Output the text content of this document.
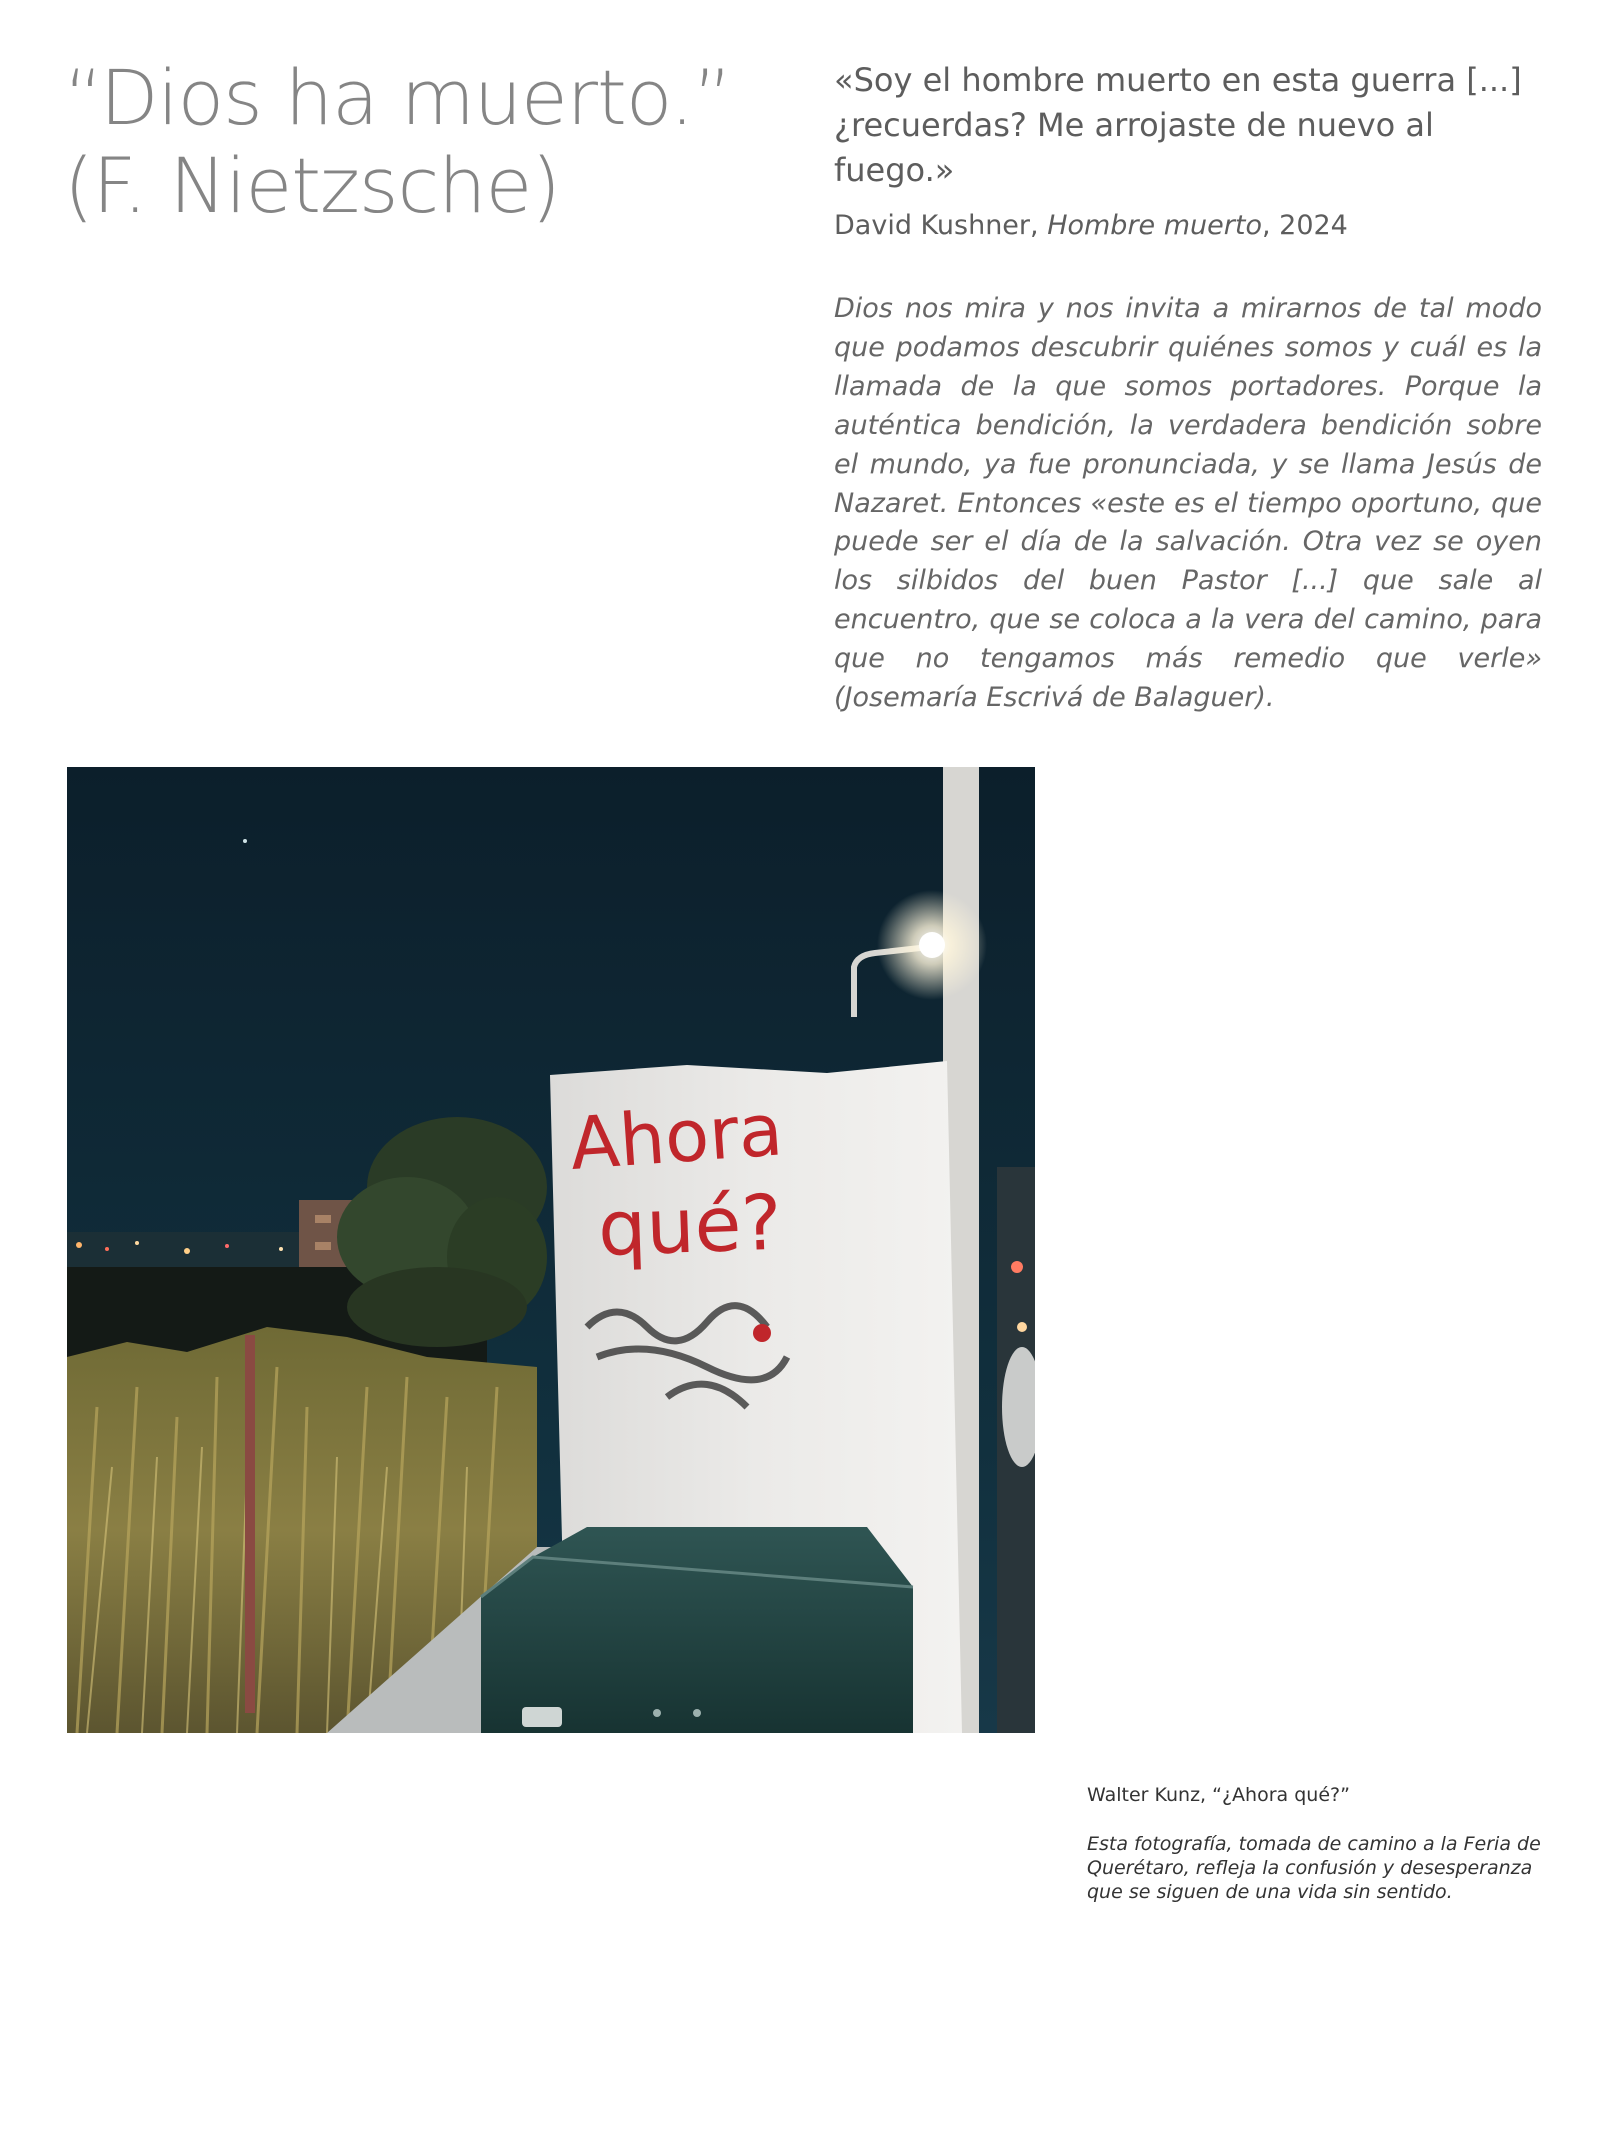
“Dios ha muerto.”
(F. Nietzsche)

«Soy el hombre muerto en esta guerra [...] ¿recuerdas? Me arrojaste de nuevo al fuego.»

David Kushner, Hombre muerto, 2024

Dios nos mira y nos invita a mirarnos de tal modo que podamos descubrir quiénes somos y cuál es la llamada de la que somos portadores. Porque la auténtica bendición, la verdadera bendición sobre el mundo, ya fue pronunciada, y se llama Jesús de Nazaret. Entonces «este es el tiempo oportuno, que puede ser el día de la salvación. Otra vez se oyen los silbidos del buen Pastor [...] que sale al encuentro, que se coloca a la vera del camino, para que no tengamos más remedio que verle» (Josemaría Escrivá de Balaguer).

Ahora
qué?

Walter Kunz, “¿Ahora qué?”

Esta fotografía, tomada de camino a la Feria de Querétaro, refleja la confusión y desesperanza que se siguen de una vida sin sentido.
